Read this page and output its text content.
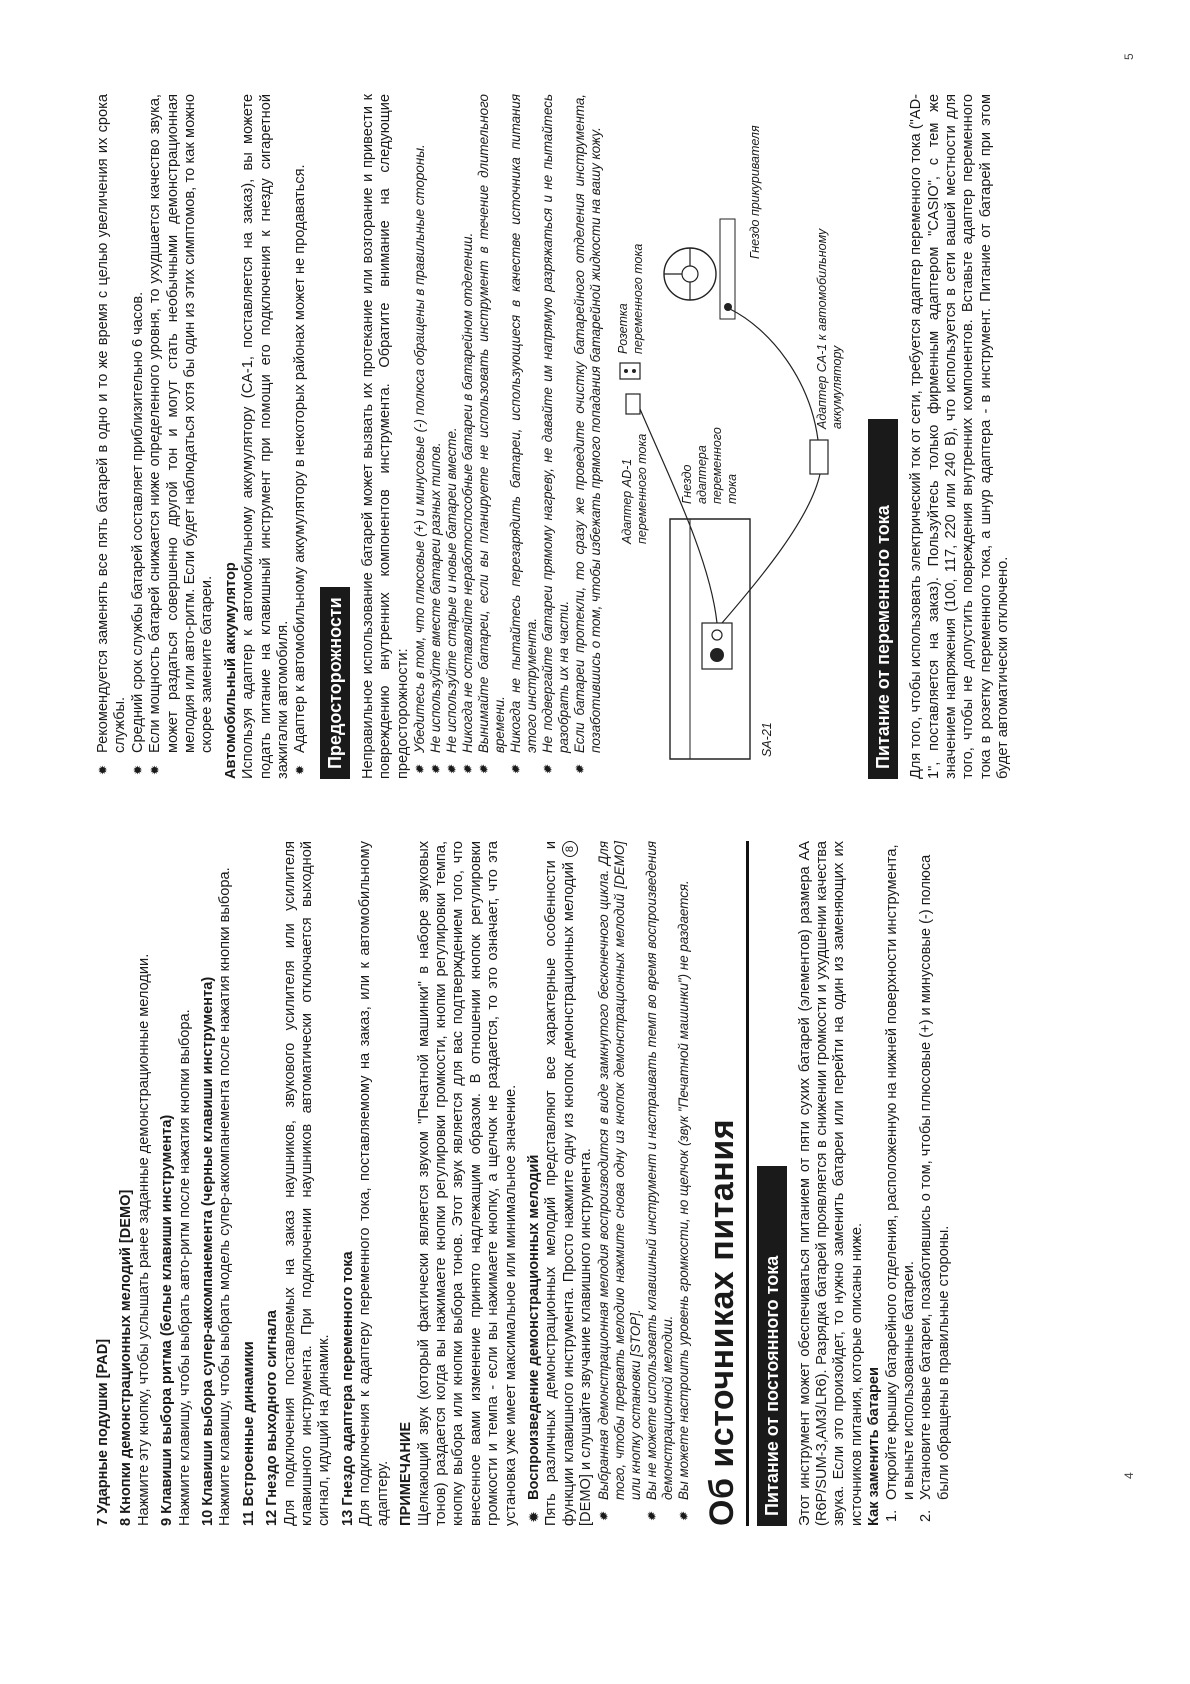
7 Ударные подушки [PAD] 8 Кнопки демонстрационных мелодий [DEMO] Нажмите эту кнопку, чтобы услышать ранее заданные демонстрационные мелодии. 9 Клавиши выбора ритма (белые клавиши инструмента) Нажмите клавишу, чтобы выбрать авто-ритм после нажатия кнопки выбора. 10 Клавиши выбора супер-аккомпанемента (черные клавиши инструмента) Нажмите клавишу, чтобы выбрать модель супер-аккомпанемента после нажатия кнопки выбора. 11 Встроенные динамики 12 Гнездо выходного сигнала Для подключения поставляемых на заказ наушников, звукового усилителя или усилителя клавишного инструмента. При подключении наушников автоматически отключается выходной сигнал, идущий на динамик. 13 Гнездо адаптера переменного тока Для подключения к адаптеру переменного тока, поставляемому на заказ, или к автомобильному адаптеру. ПРИМЕЧАНИЕ Щелкающий звук (который фактически является звуком "Печатной машинки" в наборе звуковых тонов) раздается когда вы нажимаете кнопки регулировки громкости, кнопки регулировки темпа, кнопку выбора или кнопки выбора тонов. Этот звук является для вас подтверждением того, что внесенное вами изменение принято надлежащим образом. В отношении кнопок регулировки громкости и темпа - если вы нажимаете кнопку, а щелчок не раздается, то это означает, что эта установка уже имеет максимальное или минимальное значение. ✹ Воспроизведение демонстрационных мелодий Пять различных демонстрационных мелодий представляют все характерные особенности и функции клавишного инструмента. Просто нажмите одну из кнопок демонстрационных мелодий 8 [DEMO] и слушайте звучание клавишного инструмента. ✹ Выбранная демонстрационная мелодия воспроизводится в виде замкнутого бесконечного цикла. Для того, чтобы прервать мелодию нажмите снова одну из кнопок демонстрационных мелодий [DEMO] или кнопку остановки [STOP]. ✹ Вы не можете использовать клавишный инструмент и настраивать темп во время воспроизведения демонстрационной мелодии. ✹ Вы можете настроить уровень громкости, но щелчок (звук "Печатной машинки") не раздается. Об источниках питания	Питание от постоянного тока	Этот инструмент может обеспечиваться питанием от пяти сухих батарей (элементов) размера AA (R6P/SUM-3,AM3/LR6). Разрядка батарей проявляется в снижении громкости и ухудшении качества звука. Если это произойдет, то нужно заменить батареи или перейти на один из заменяющих их источников питания, которые описаны ниже. Как заменить батареи 1.
Откройте крышку батарейного отделения, расположенную на нижней поверхности инструмента, и выньте использованные батареи.

2.
Установите новые батареи, позаботившись о том, чтобы плюсовые (+) и минусовые (-) полюса были обращены в правильные стороны.	4

✹ Рекомендуется заменять все пять батарей в одно и то же время с целью увеличения их срока службы. ✹ Средний срок службы батарей составляет приблизительно 6 часов. ✹ Если мощность батарей снижается ниже определенного уровня, то ухудшается качество звука, может раздаться совершенно другой тон и могут стать необычными демонстрационная мелодия или авто-ритм. Если будет наблюдаться хотя бы один из этих симптомов, то как можно скорее замените батареи. Автомобильный аккумулятор Используя адаптер к автомобильному аккумулятору (CA-1, поставляется на заказ), вы можете подать питание на клавишный инструмент при помощи его подключения к гнезду сигаретной зажигалки автомобиля. ✹ Адаптер к автомобильному аккумулятору в некоторых районах может не продаваться. Предосторожности Неправильное использование батарей может вызвать их протекание или возгорание и привести к повреждению внутренних компонентов инструмента. Обратите внимание на следующие предосторожности: ✹ Убедитесь в том, что плюсовые (+) и минусовые (-) полюса обращены в правильные стороны. ✹ Не используйте вместе батареи разных типов. ✹ Не используйте старые и новые батареи вместе. ✹ Никогда не оставляйте неработоспособные батареи в батарейном отделении. ✹ Вынимайте батареи, если вы планируете не использовать инструмент в течение длительного времени. ✹ Никогда не пытайтесь перезарядить батареи, использующиеся в качестве источника питания этого инструмента. ✹ Не подвергайте батареи прямому нагреву, не давайте им напрямую разряжаться и не пытайтесь разобрать их на части. ✹ Если батареи протекли, то сразу же проведите очистку батарейного отделения инструмента, позаботившись о том, чтобы избежать прямого попадания батарейной жидкости на вашу кожу.	SA-21
Адаптер AD-1 переменного тока
Розетка переменного тока
Гнездо адаптера переменного тока
Гнездо прикуривателя
Адаптер CA-1 к автомобильному аккумулятору
Питание от переменного тока	Для того, чтобы использовать электрический ток от сети, требуется адаптер переменного тока ("AD-1", поставляется на заказ). Пользуйтесь только фирменным адаптером "CASIO", с тем же значением напряжения (100, 117, 220 или 240 В), что используется в сети вашей местности для того, чтобы не допустить повреждения внутренних компонентов. Вставьте адаптер переменного тока в розетку переменного тока, а шнур адаптера - в инструмент. Питание от батарей при этом будет автоматически отключено.

5
